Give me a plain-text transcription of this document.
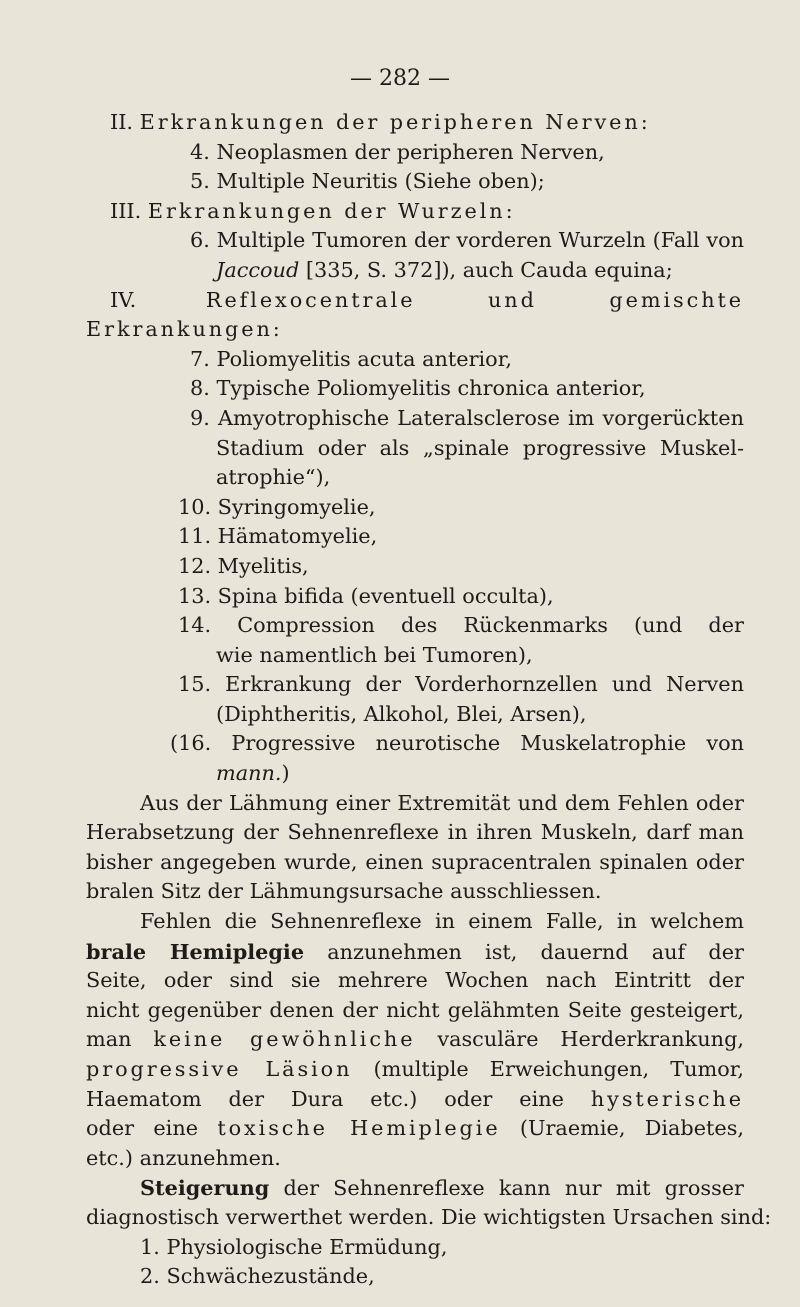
— 282 —
II. Erkrankungen der peripheren Nerven:
4. Neoplasmen der peripheren Nerven,
5. Multiple Neuritis (Siehe oben);
III. Erkrankungen der Wurzeln:
6. Multiple Tumoren der vorderen Wurzeln (Fall von
Jaccoud [335, S. 372]), auch Cauda equina;
IV. Reflexocentrale und gemischte
Erkrankungen:
7. Poliomyelitis acuta anterior,
8. Typische Poliomyelitis chronica anterior,
9. Amyotrophische Lateralsclerose im vorgerückten
Stadium oder als „spinale progressive Muskel-
atrophie“),
10. Syringomyelie,
11. Hämatomyelie,
12. Myelitis,
13. Spina bifida (eventuell occulta),
14. Compression des Rückenmarks (und der
wie namentlich bei Tumoren),
15. Erkrankung der Vorderhornzellen und Nerven
(Diphtheritis, Alkohol, Blei, Arsen),
(16. Progressive neurotische Muskelatrophie von
mann.)
Aus der Lähmung einer Extremität und dem Fehlen oder
Herabsetzung der Sehnenreflexe in ihren Muskeln, darf man
bisher angegeben wurde, einen supracentralen spinalen oder
bralen Sitz der Lähmungsursache ausschliessen.
Fehlen die Sehnenreflexe in einem Falle, in welchem
brale Hemiplegie anzunehmen ist, dauernd auf der
Seite, oder sind sie mehrere Wochen nach Eintritt der
nicht gegenüber denen der nicht gelähmten Seite gesteigert,
man keine gewöhnliche vasculäre Herderkrankung,
progressive Läsion (multiple Erweichungen, Tumor,
Haematom der Dura etc.) oder eine hysterische
oder eine toxische Hemiplegie (Uraemie, Diabetes,
etc.) anzunehmen.
Steigerung der Sehnenreflexe kann nur mit grosser
diagnostisch verwerthet werden. Die wichtigsten Ursachen sind:
1. Physiologische Ermüdung,
2. Schwächezustände,
